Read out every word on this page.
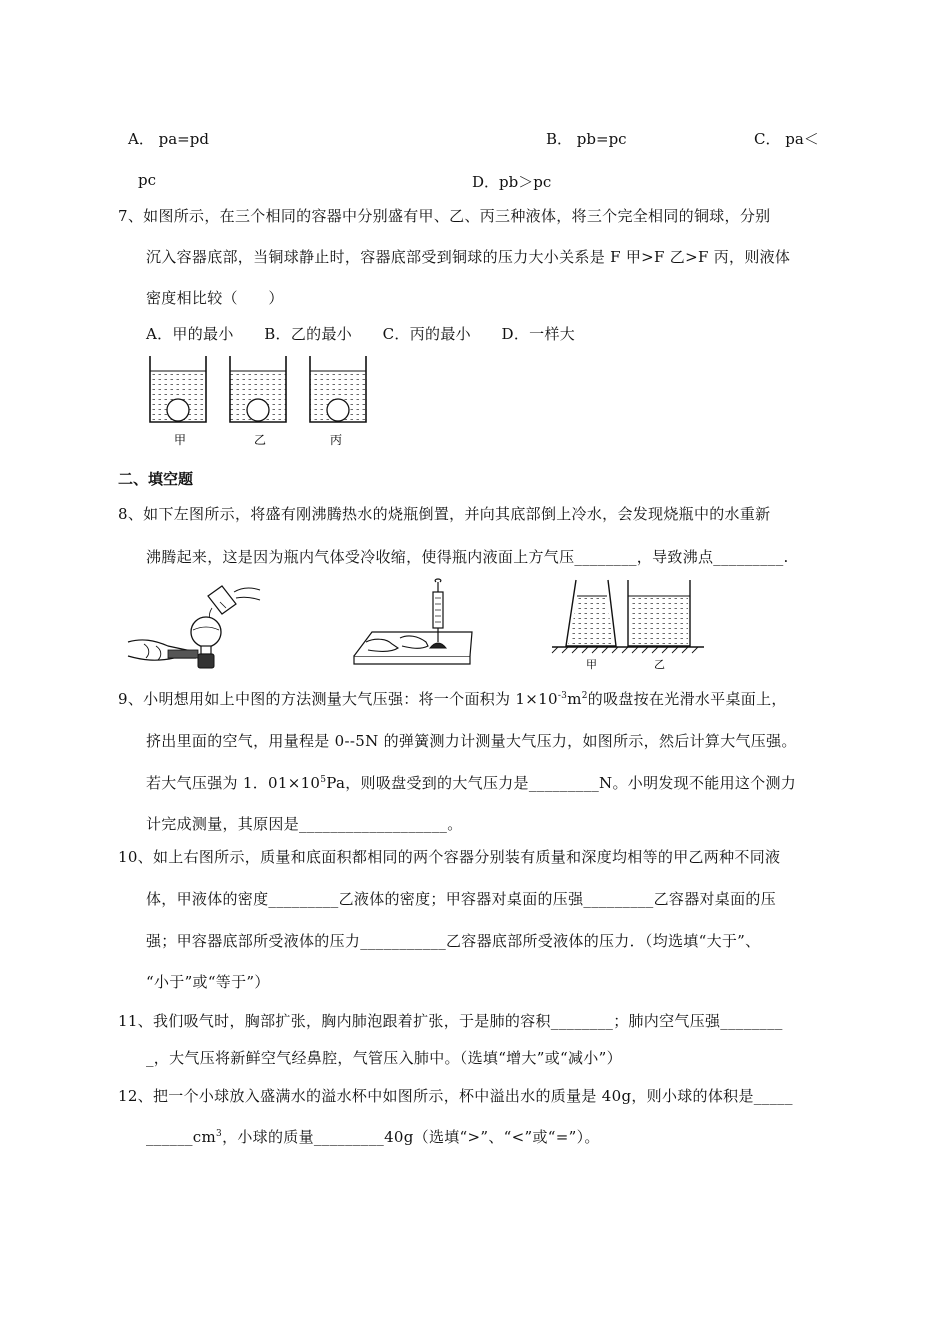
A． pa=pd	B． pb=pc	C． pa＜
pc	D．pb＞pc
7、如图所示，在三个相同的容器中分别盛有甲、乙、丙三种液体，将三个完全相同的铜球，分别
沉入容器底部，当铜球静止时，容器底部受到铜球的压力大小关系是 F 甲>F 乙>F 丙，则液体
密度相比较（　　）
A．甲的最小　　B．乙的最小　　C．丙的最小　　D．一样大
甲	乙	丙
二、填空题
8、如下左图所示，将盛有刚沸腾热水的烧瓶倒置，并向其底部倒上冷水，会发现烧瓶中的水重新
沸腾起来，这是因为瓶内气体受冷收缩，使得瓶内液面上方气压________，导致沸点_________.
甲	乙
9、小明想用如上中图的方法测量大气压强：将一个面积为 $1\times 10^{-3}m^2$的吸盘按在光滑水平桌面上，
挤出里面的空气，用量程是 0--5N 的弹簧测力计测量大气压力，如图所示，然后计算大气压强。
若大气压强为 1．$01\times 10^5Pa$，则吸盘受到的大气压力是_________N。小明发现不能用这个测力
计完成测量，其原因是___________________。
10、如上右图所示，质量和底面积都相同的两个容器分别装有质量和深度均相等的甲乙两种不同液
体，甲液体的密度_________乙液体的密度；甲容器对桌面的压强_________乙容器对桌面的压
强；甲容器底部所受液体的压力___________乙容器底部所受液体的压力．（均选填“大于”、
“小于”或“等于”）
11、我们吸气时，胸部扩张，胸内肺泡跟着扩张，于是肺的容积________；肺内空气压强________
_，大气压将新鲜空气经鼻腔，气管压入肺中。（选填“增大”或“减小”）
12、把一个小球放入盛满水的溢水杯中如图所示，杯中溢出水的质量是 40g，则小球的体积是_____
$\_\_\_\_\_\_cm^3$，小球的质量_________40g（选填“>”、“<”或“=”）。
